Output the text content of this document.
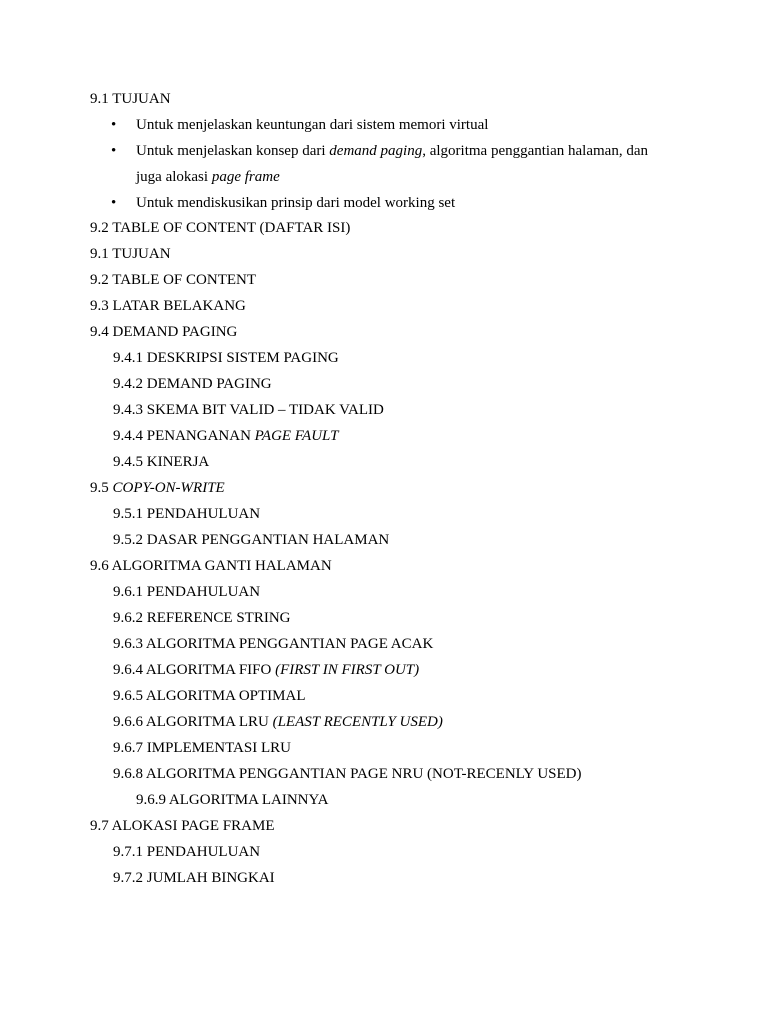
9.1 TUJUAN
• Untuk menjelaskan keuntungan dari sistem memori virtual
• Untuk menjelaskan konsep dari demand paging, algoritma penggantian halaman, dan
juga alokasi page frame
• Untuk mendiskusikan prinsip dari model working set
9.2 TABLE OF CONTENT (DAFTAR ISI)
9.1 TUJUAN
9.2 TABLE OF CONTENT
9.3 LATAR BELAKANG
9.4 DEMAND PAGING
9.4.1 DESKRIPSI SISTEM PAGING
9.4.2 DEMAND PAGING
9.4.3 SKEMA BIT VALID – TIDAK VALID
9.4.4 PENANGANAN PAGE FAULT
9.4.5 KINERJA
9.5 COPY-ON-WRITE
9.5.1 PENDAHULUAN
9.5.2 DASAR PENGGANTIAN HALAMAN
9.6 ALGORITMA GANTI HALAMAN
9.6.1 PENDAHULUAN
9.6.2 REFERENCE STRING
9.6.3 ALGORITMA PENGGANTIAN PAGE ACAK
9.6.4 ALGORITMA FIFO (FIRST IN FIRST OUT)
9.6.5 ALGORITMA OPTIMAL
9.6.6 ALGORITMA LRU (LEAST RECENTLY USED)
9.6.7 IMPLEMENTASI LRU
9.6.8 ALGORITMA PENGGANTIAN PAGE NRU (NOT-RECENLY USED)
9.6.9 ALGORITMA LAINNYA
9.7 ALOKASI PAGE FRAME
9.7.1 PENDAHULUAN
9.7.2 JUMLAH BINGKAI
